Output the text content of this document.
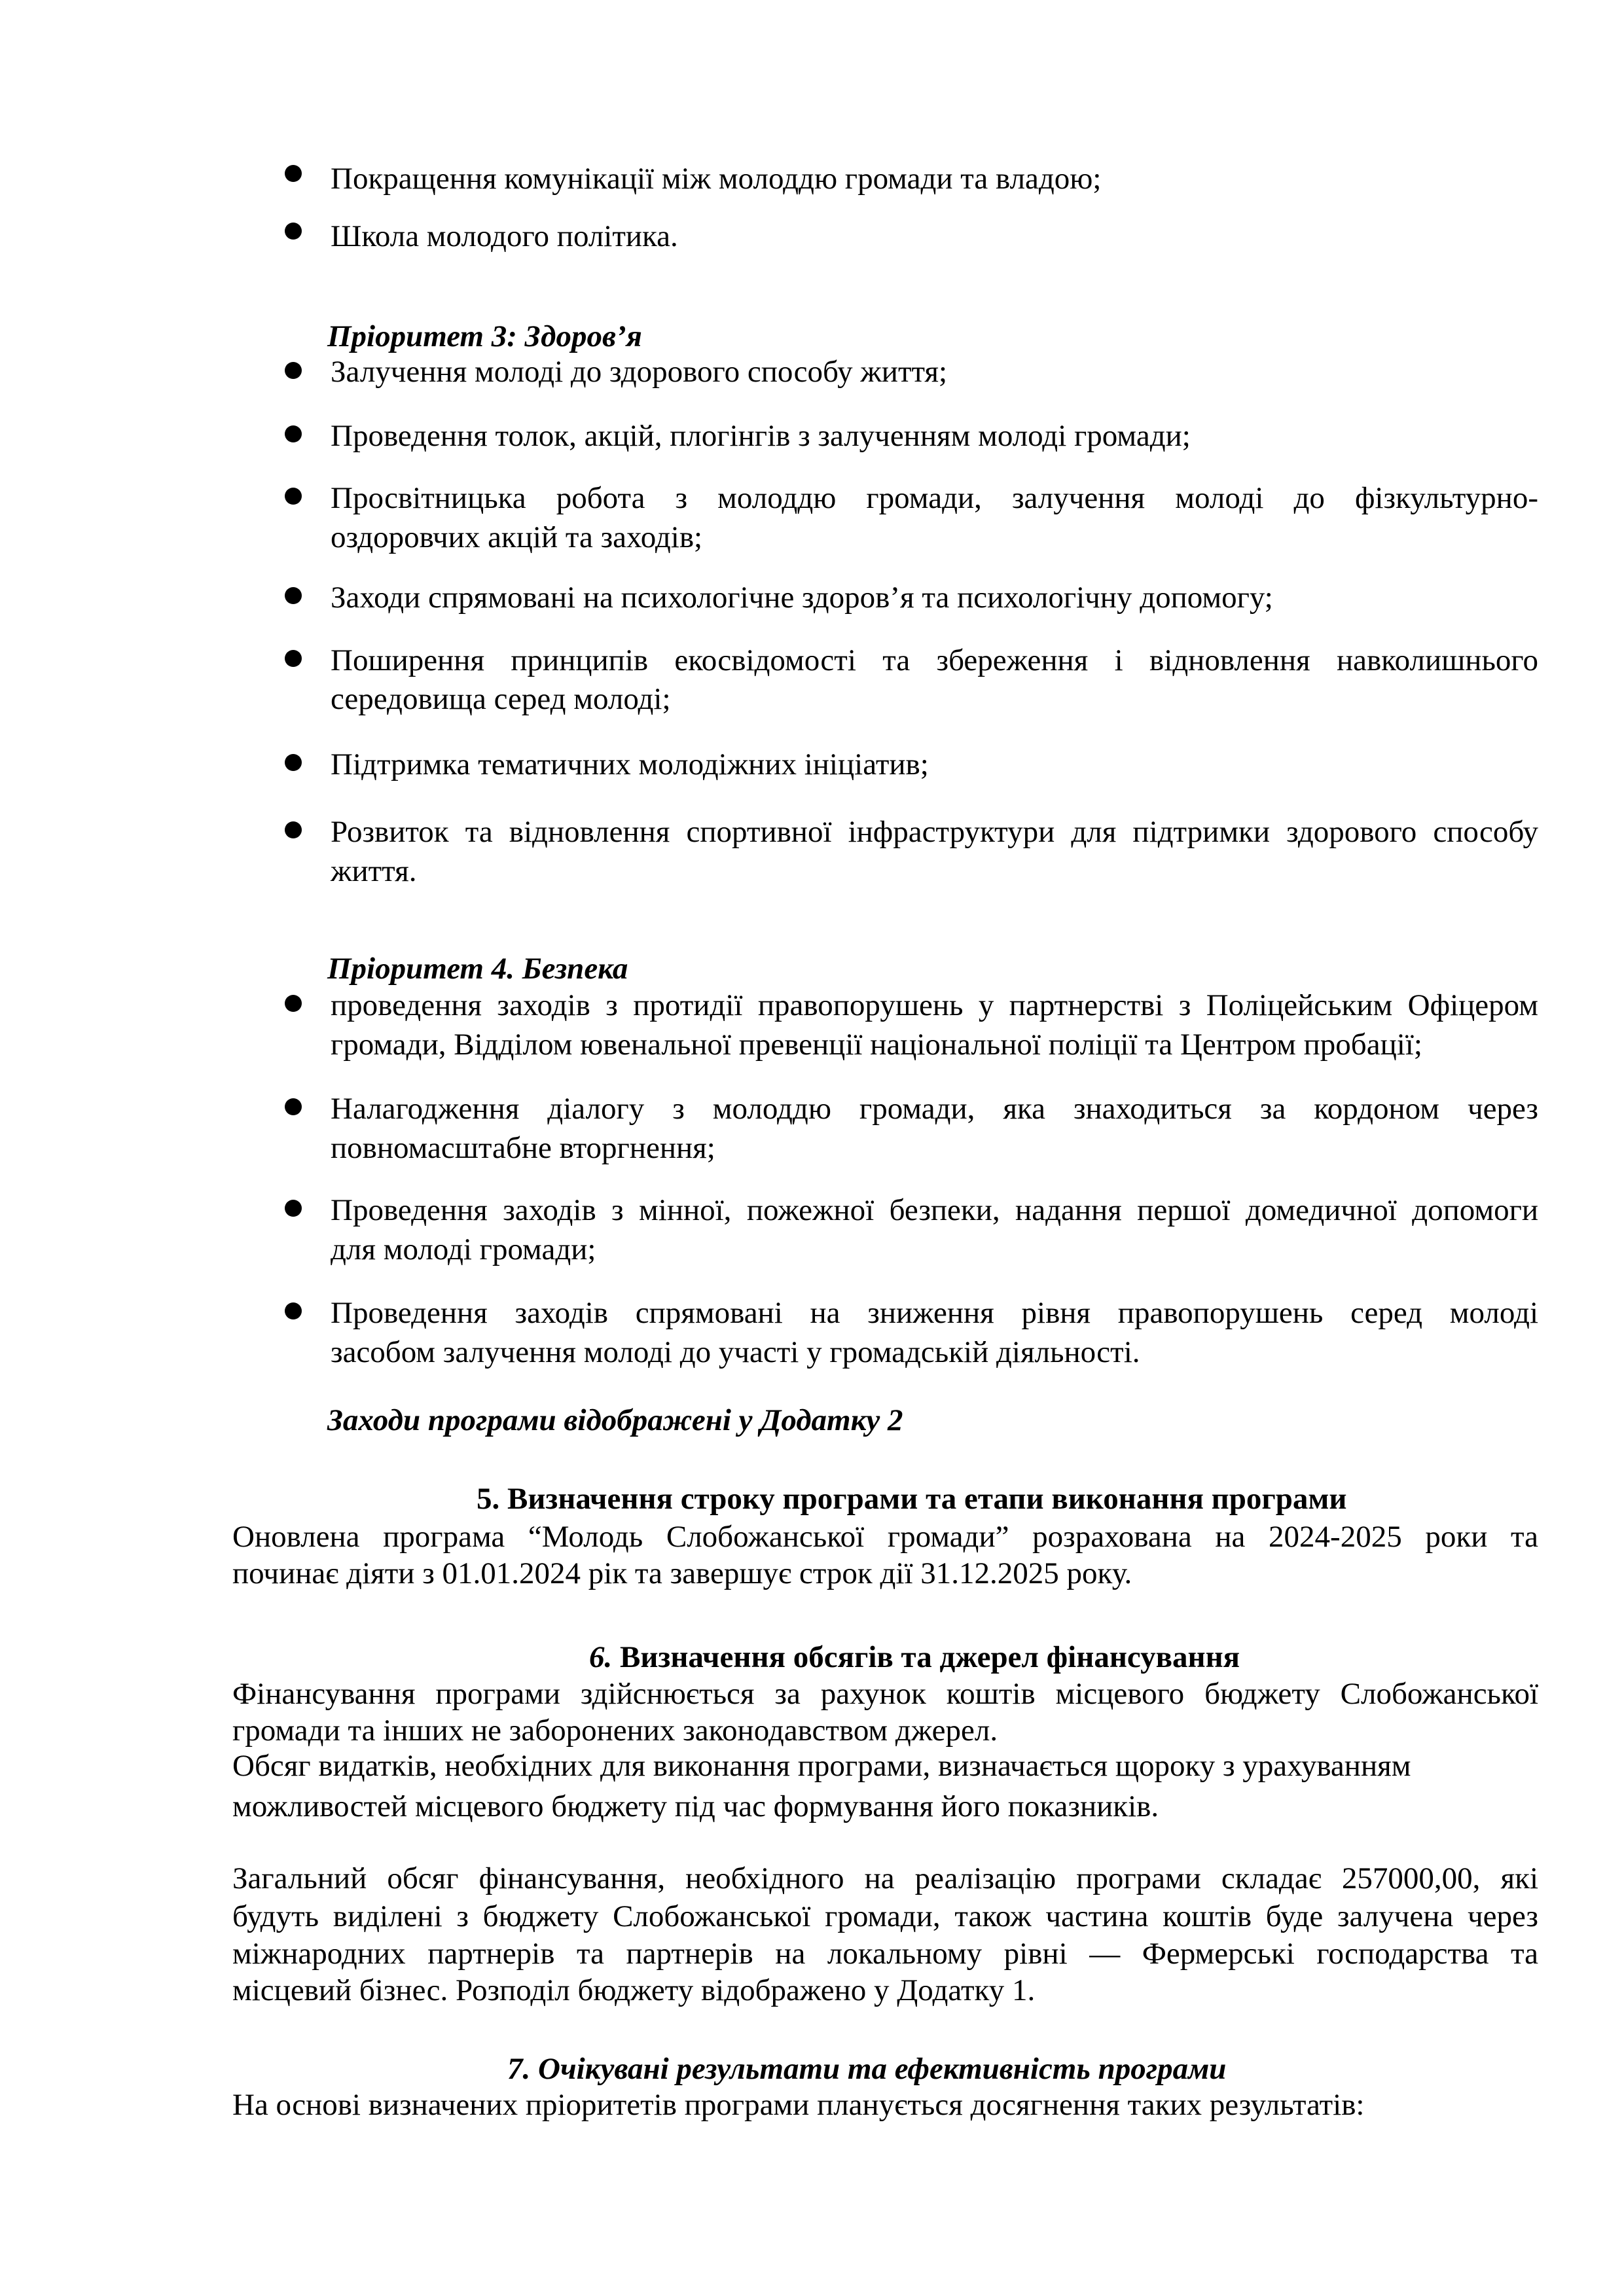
Покращення комунікації між молоддю громади та владою;
Школа молодого політика.
Пріоритет 3: Здоров’я
Залучення молоді до здорового способу життя;
Проведення толок, акцій, плогінгів з залученням молоді громади;
Просвітницька робота з молоддю громади, залучення молоді до фізкультурно-
оздоровчих акцій та заходів;
Заходи спрямовані на психологічне здоров’я та психологічну допомогу;
Поширення принципів екосвідомості та збереження і відновлення навколишнього
середовища серед молоді;
Підтримка тематичних молодіжних ініціатив;
Розвиток та відновлення спортивної інфраструктури для підтримки здорового способу
життя.
Пріоритет 4. Безпека
проведення заходів з протидії правопорушень у партнерстві з Поліцейським Офіцером
громади, Відділом ювенальної превенції національної поліції та Центром пробації;
Налагодження діалогу з молоддю громади, яка знаходиться за кордоном через
повномасштабне вторгнення;
Проведення заходів з мінної, пожежної безпеки, надання першої домедичної допомоги
для молоді громади;
Проведення заходів спрямовані на зниження рівня правопорушень серед молоді
засобом залучення молоді до участі у громадській діяльності.
Заходи програми відображені у Додатку 2
5. Визначення строку програми та етапи виконання програми
Оновлена програма “Молодь Слобожанської громади” розрахована на 2024-2025 роки та
починає діяти з 01.01.2024 рік та завершує строк дії 31.12.2025 року.
6. Визначення обсягів та джерел фінансування
Фінансування програми здійснюється за рахунок коштів місцевого бюджету Слобожанської
громади та інших не заборонених законодавством джерел.
Обсяг видатків, необхідних для виконання програми, визначається щороку з урахуванням
можливостей місцевого бюджету під час формування його показників.
Загальний обсяг фінансування, необхідного на реалізацію програми складає 257000,00, які
будуть виділені з бюджету Слобожанської громади, також частина коштів буде залучена через
міжнародних партнерів та партнерів на локальному рівні — Фермерські господарства та
місцевий бізнес. Розподіл бюджету відображено у Додатку 1.
7. Очікувані результати та ефективність програми
На основі визначених пріоритетів програми планується досягнення таких результатів:
